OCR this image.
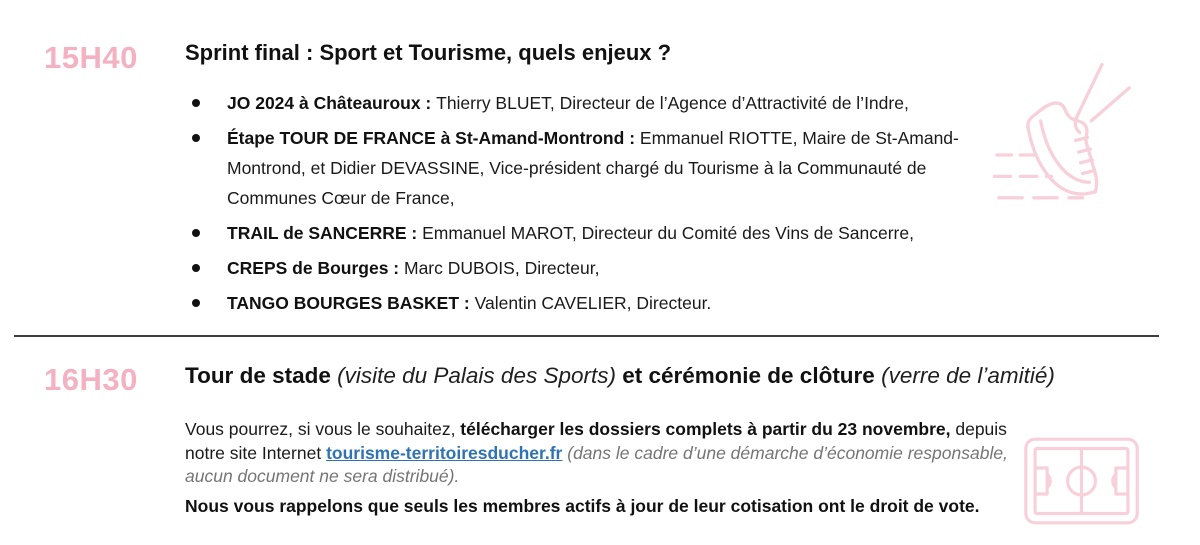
15H40 Sprint final : Sport et Tourisme, quels enjeux ?
JO 2024 à Châteauroux : Thierry BLUET, Directeur de l’Agence d’Attractivité de l’Indre,
Étape TOUR DE FRANCE à St-Amand-Montrond : Emmanuel RIOTTE, Maire de St-Amand-Montrond, et Didier DEVASSINE, Vice-président chargé du Tourisme à la Communauté de Communes Cœur de France,
TRAIL de SANCERRE : Emmanuel MAROT, Directeur du Comité des Vins de Sancerre,
CREPS de Bourges : Marc DUBOIS, Directeur,
TANGO BOURGES BASKET : Valentin CAVELIER, Directeur.
16H30 Tour de stade (visite du Palais des Sports) et cérémonie de clôture (verre de l’amitié)
Vous pourrez, si vous le souhaitez, télécharger les dossiers complets à partir du 23 novembre, depuis notre site Internet tourisme-territoiresducher.fr (dans le cadre d’une démarche d’économie responsable, aucun document ne sera distribué).
Nous vous rappelons que seuls les membres actifs à jour de leur cotisation ont le droit de vote.
